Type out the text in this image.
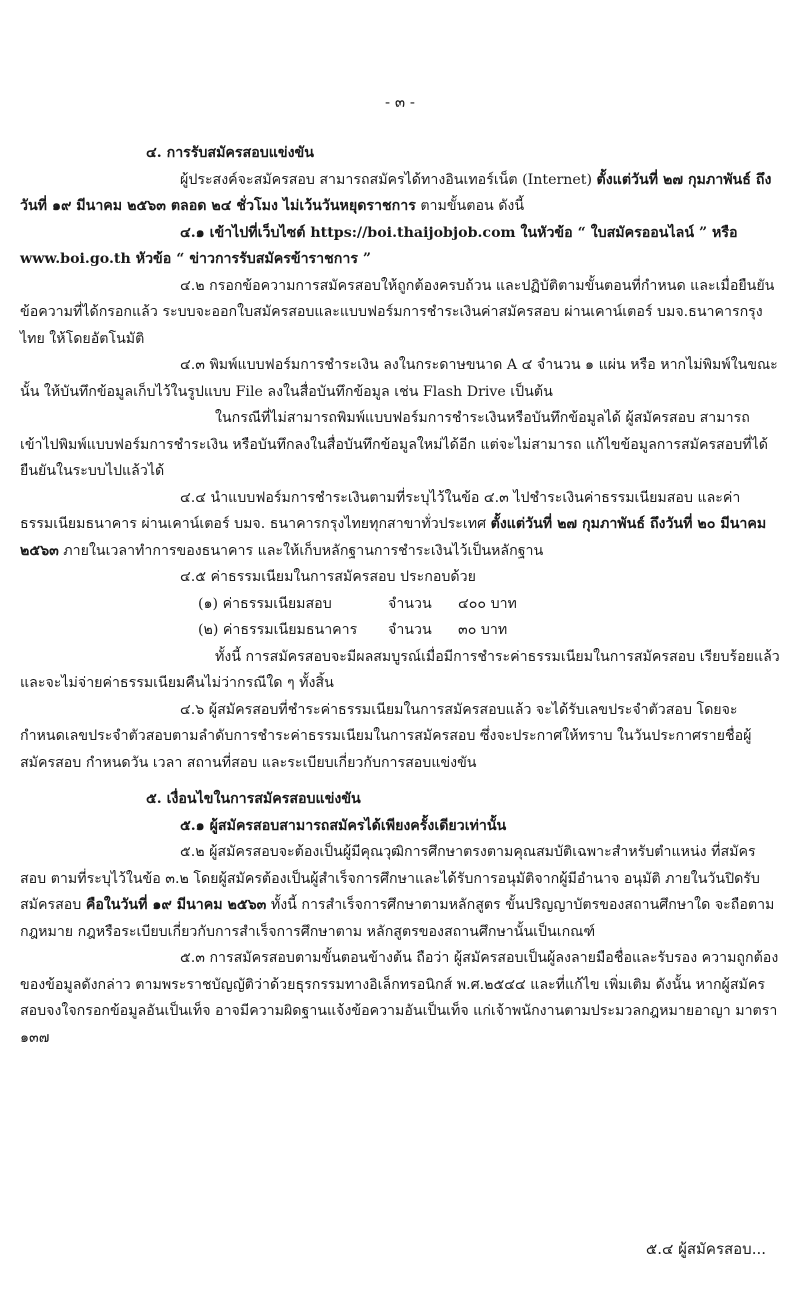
- ๓ -

๔. การรับสมัครสอบแข่งขัน

ผู้ประสงค์จะสมัครสอบ สามารถสมัครได้ทางอินเทอร์เน็ต (Internet) ตั้งแต่วันที่ ๒๗ กุมภาพันธ์ ถึงวันที่ ๑๙ มีนาคม ๒๕๖๓ ตลอด ๒๔ ชั่วโมง ไม่เว้นวันหยุดราชการ ตามขั้นตอน ดังนี้

๔.๑ เข้าไปที่เว็บไซต์ https://boi.thaijobjob.com ในหัวข้อ “ ใบสมัครออนไลน์ ” หรือ www.boi.go.th หัวข้อ “ ข่าวการรับสมัครข้าราชการ ”

๔.๒ กรอกข้อความการสมัครสอบให้ถูกต้องครบถ้วน และปฏิบัติตามขั้นตอนที่กำหนด และเมื่อยืนยันข้อความที่ได้กรอกแล้ว ระบบจะออกใบสมัครสอบและแบบฟอร์มการชำระเงินค่าสมัครสอบ ผ่านเคาน์เตอร์ บมจ.ธนาคารกรุงไทย ให้โดยอัตโนมัติ

๔.๓ พิมพ์แบบฟอร์มการชำระเงิน ลงในกระดาษขนาด A ๔ จำนวน ๑ แผ่น หรือ หากไม่พิมพ์ในขณะนั้น ให้บันทึกข้อมูลเก็บไว้ในรูปแบบ File ลงในสื่อบันทึกข้อมูล เช่น Flash Drive เป็นต้น

ในกรณีที่ไม่สามารถพิมพ์แบบฟอร์มการชำระเงินหรือบันทึกข้อมูลได้ ผู้สมัครสอบ สามารถเข้าไปพิมพ์แบบฟอร์มการชำระเงิน หรือบันทึกลงในสื่อบันทึกข้อมูลใหม่ได้อีก แต่จะไม่สามารถ แก้ไขข้อมูลการสมัครสอบที่ได้ยืนยันในระบบไปแล้วได้

๔.๔ นำแบบฟอร์มการชำระเงินตามที่ระบุไว้ในข้อ ๔.๓ ไปชำระเงินค่าธรรมเนียมสอบ และค่าธรรมเนียมธนาคาร ผ่านเคาน์เตอร์ บมจ. ธนาคารกรุงไทยทุกสาขาทั่วประเทศ ตั้งแต่วันที่ ๒๗ กุมภาพันธ์ ถึงวันที่ ๒๐ มีนาคม ๒๕๖๓ ภายในเวลาทำการของธนาคาร และให้เก็บหลักฐานการชำระเงินไว้เป็นหลักฐาน

๔.๕ ค่าธรรมเนียมในการสมัครสอบ ประกอบด้วย

(๑) ค่าธรรมเนียมสอบ	จำนวน ๔๐๐ บาท

(๒) ค่าธรรมเนียมธนาคาร จำนวน ๓๐ บาท

ทั้งนี้ การสมัครสอบจะมีผลสมบูรณ์เมื่อมีการชำระค่าธรรมเนียมในการสมัครสอบ เรียบร้อยแล้ว และจะไม่จ่ายค่าธรรมเนียมคืนไม่ว่ากรณีใด ๆ ทั้งสิ้น

๔.๖ ผู้สมัครสอบที่ชำระค่าธรรมเนียมในการสมัครสอบแล้ว จะได้รับเลขประจำตัวสอบ โดยจะกำหนดเลขประจำตัวสอบตามลำดับการชำระค่าธรรมเนียมในการสมัครสอบ ซึ่งจะประกาศให้ทราบ ในวันประกาศรายชื่อผู้สมัครสอบ กำหนดวัน เวลา สถานที่สอบ และระเบียบเกี่ยวกับการสอบแข่งขัน

๕. เงื่อนไขในการสมัครสอบแข่งขัน

๕.๑ ผู้สมัครสอบสามารถสมัครได้เพียงครั้งเดียวเท่านั้น

๕.๒ ผู้สมัครสอบจะต้องเป็นผู้มีคุณวุฒิการศึกษาตรงตามคุณสมบัติเฉพาะสำหรับตำแหน่ง ที่สมัครสอบ ตามที่ระบุไว้ในข้อ ๓.๒ โดยผู้สมัครต้องเป็นผู้สำเร็จการศึกษาและได้รับการอนุมัติจากผู้มีอำนาจ อนุมัติ ภายในวันปิดรับสมัครสอบ คือในวันที่ ๑๙ มีนาคม ๒๕๖๓ ทั้งนี้ การสำเร็จการศึกษาตามหลักสูตร ขั้นปริญญาบัตรของสถานศึกษาใด จะถือตามกฎหมาย กฎหรือระเบียบเกี่ยวกับการสำเร็จการศึกษาตาม หลักสูตรของสถานศึกษานั้นเป็นเกณฑ์

๕.๓ การสมัครสอบตามขั้นตอนข้างต้น ถือว่า ผู้สมัครสอบเป็นผู้ลงลายมือชื่อและรับรอง ความถูกต้องของข้อมูลดังกล่าว ตามพระราชบัญญัติว่าด้วยธุรกรรมทางอิเล็กทรอนิกส์ พ.ศ.๒๕๔๔ และที่แก้ไข เพิ่มเติม ดังนั้น หากผู้สมัครสอบจงใจกรอกข้อมูลอันเป็นเท็จ อาจมีความผิดฐานแจ้งข้อความอันเป็นเท็จ แก่เจ้าพนักงานตามประมวลกฎหมายอาญา มาตรา ๑๓๗

๕.๔ ผู้สมัครสอบ...
